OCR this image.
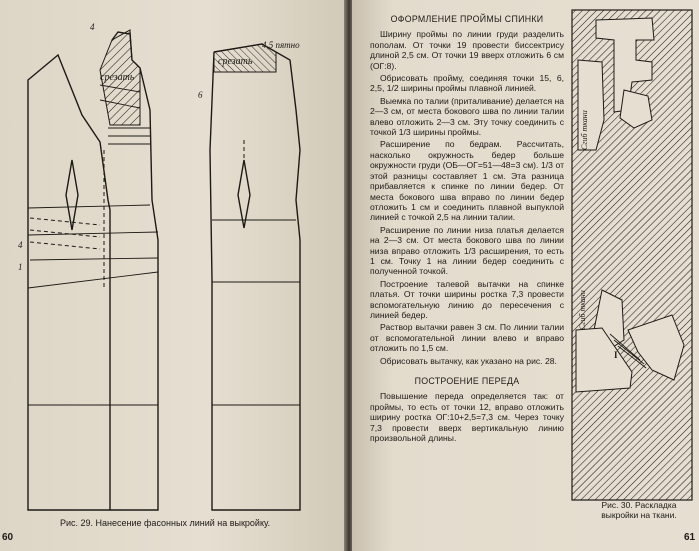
срезать
срезать
4
4,5 пятно
6
4
1
Рис. 29. Нанесение фасонных линий на выкройку.
60
ОФОРМЛЕНИЕ ПРОЙМЫ СПИНКИ

Ширину проймы по линии груди разделить пополам. От точки 19 провести биссектрису длиной 2,5 см. От точки 19 вверх отложить 6 см (ОГ:8).

Обрисовать пройму, соединяя точки 15, 6, 2,5, 1/2 ширины проймы плавной линией.

Выемка по талии (приталивание) делается на 2—3 см, от места бокового шва по линии талии влево отложить 2—3 см. Эту точку соединить с точкой 1/3 ширины проймы.

Расширение по бедрам. Рассчитать, насколько окружность бедер больше окружности груди (ОБ—ОГ=51—48=3 см). 1/3 от этой разницы составляет 1 см. Эта разница прибавляется к спинке по линии бедер. От места бокового шва вправо по линии бедер отложить 1 см и соединить плавной выпуклой линией с точкой 2,5 на линии талии.

Расширение по линии низа платья делается на 2—3 см. От места бокового шва по линии низа вправо отложить 1/3 расширения, то есть 1 см. Точку 1 на линии бедер соединить с полученной точкой.

Построение талевой вытачки на спинке платья. От точки ширины ростка 7,3 провести вспомогательную линию до пересечения с линией бедер.

Раствор вытачки равен 3 см. По линии талии от вспомогательной линии влево и вправо отложить по 1,5 см.

Обрисовать вытачку, как указано на рис. 28.

ПОСТРОЕНИЕ ПЕРЕДА

Повышение переда определяется так: от проймы, то есть от точки 12, вправо отложить ширину ростка ОГ:10+2,5=7,3 см. Через точку 7,3 провести вверх вертикальную линию произвольной длины.

Сгиб ткани
Сгиб ткани
I
Рис. 30. Раскладка выкройки на ткани.
61
